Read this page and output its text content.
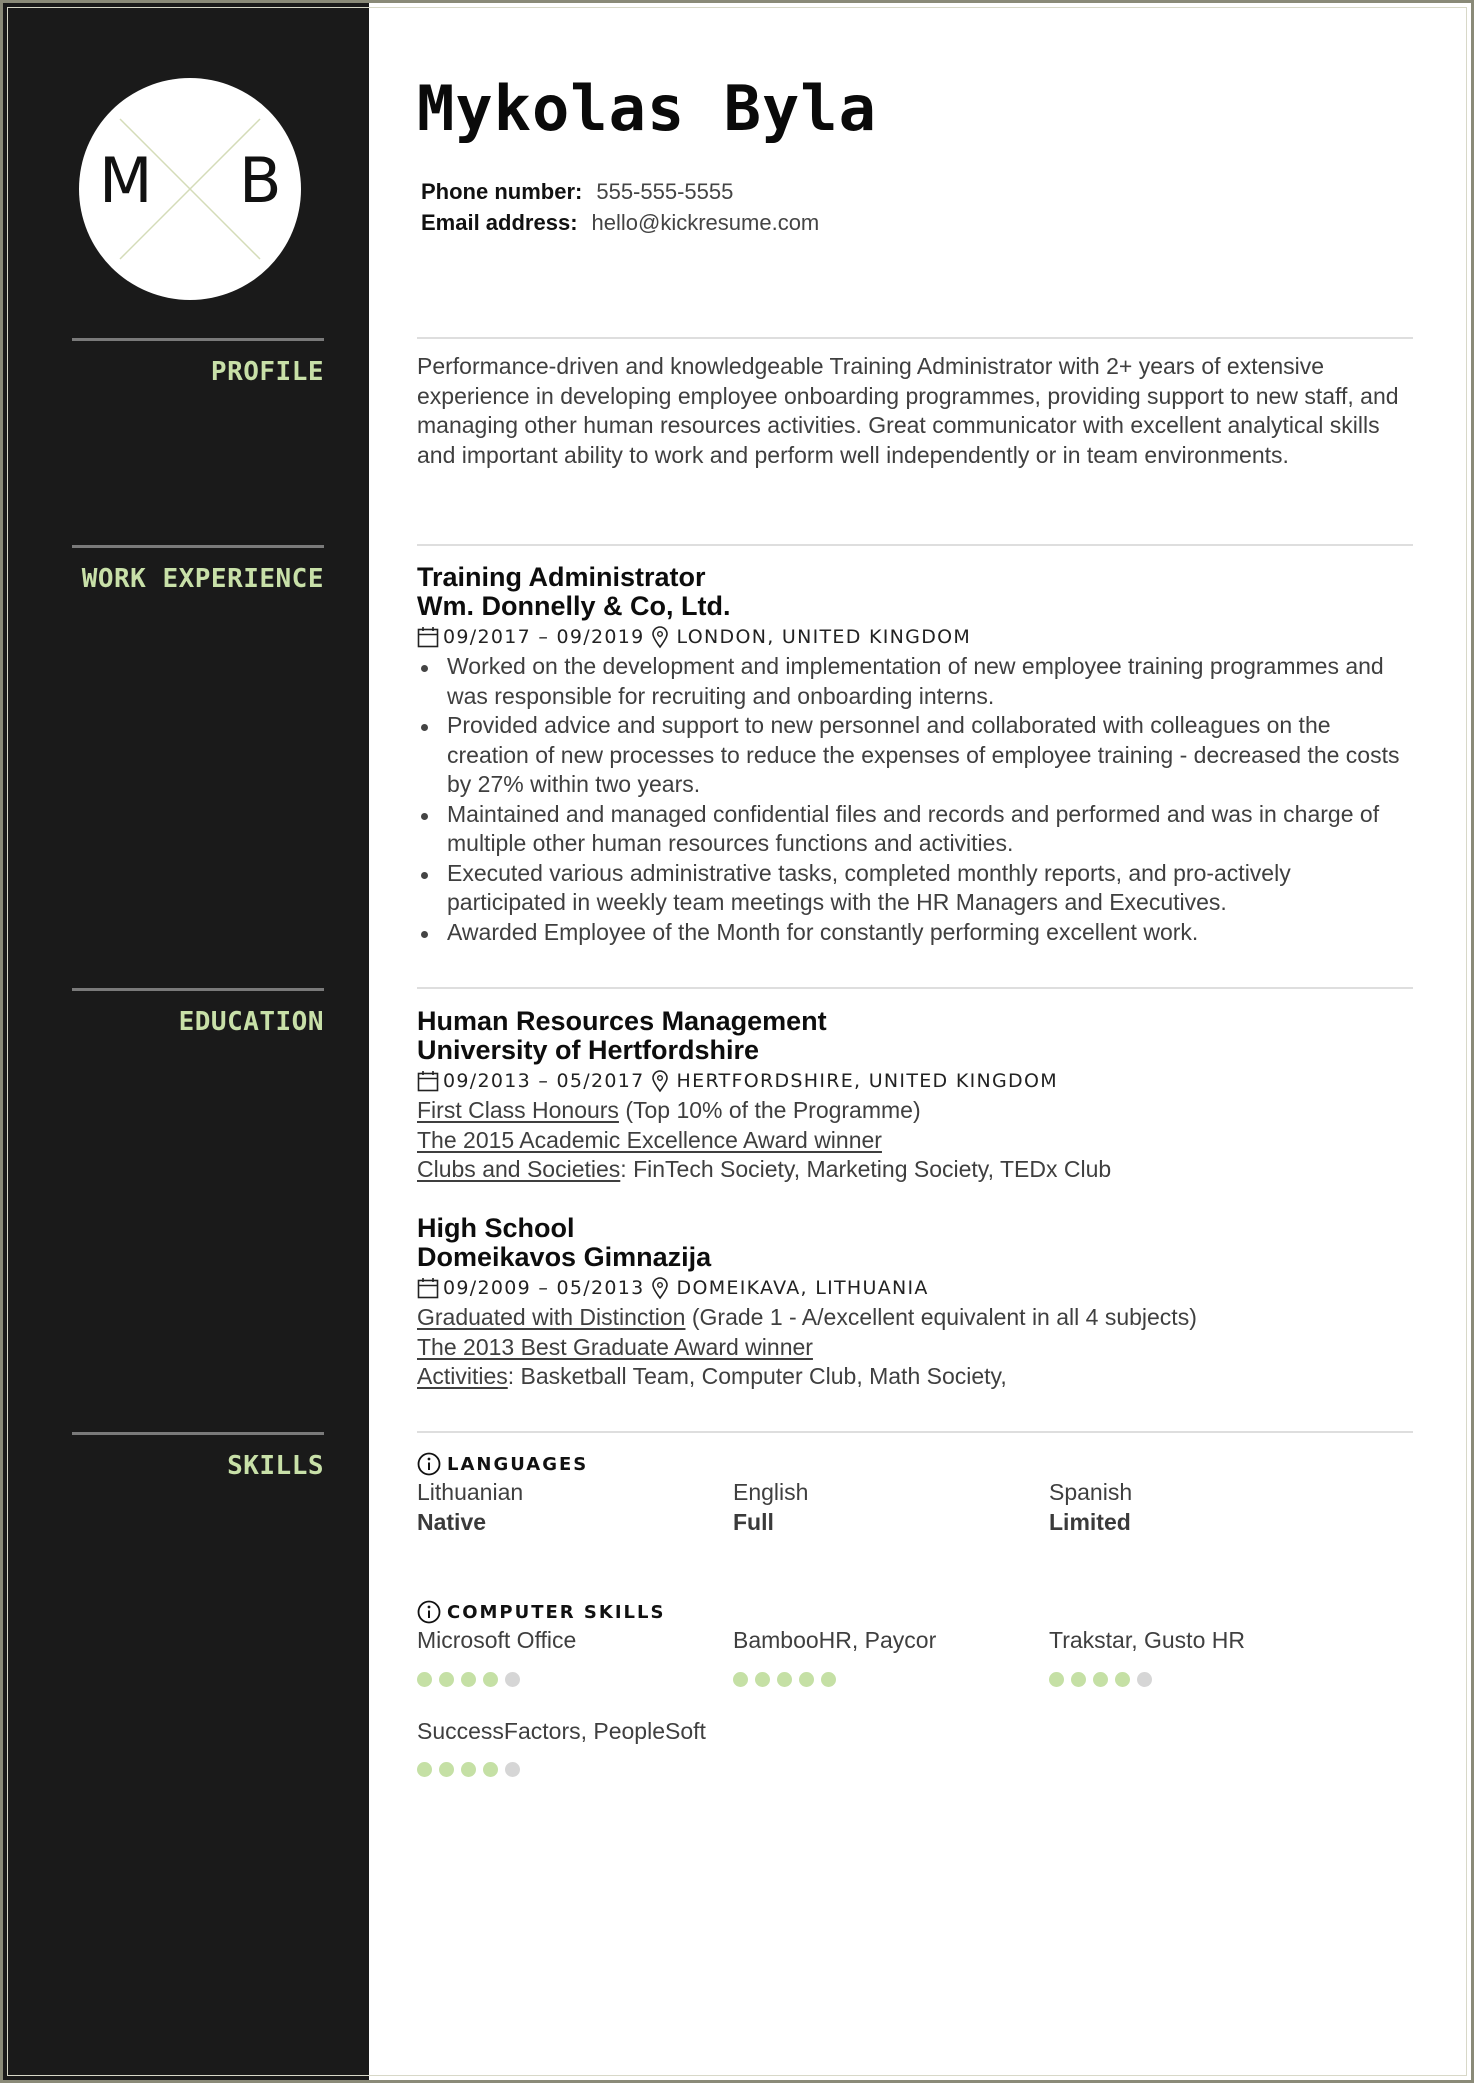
M B
PROFILE
WORK EXPERIENCE
EDUCATION
SKILLS
Mykolas Byla
Phone number: 555-555-5555
Email address: hello@kickresume.com

Performance-driven and knowledgeable Training Administrator with 2+ years of extensive experience in developing employee onboarding programmes, providing support to new staff, and managing other human resources activities. Great communicator with excellent analytical skills and important ability to work and perform well independently or in team environments.

Training Administrator
Wm. Donnelly & Co, Ltd.
09/2017 – 09/2019 LONDON, UNITED KINGDOM
Worked on the development and implementation of new employee training programmes and was responsible for recruiting and onboarding interns.
Provided advice and support to new personnel and collaborated with colleagues on the creation of new processes to reduce the expenses of employee training - decreased the costs by 27% within two years.
Maintained and managed confidential files and records and performed and was in charge of multiple other human resources functions and activities.
Executed various administrative tasks, completed monthly reports, and pro-actively participated in weekly team meetings with the HR Managers and Executives.
Awarded Employee of the Month for constantly performing excellent work.
Human Resources Management
University of Hertfordshire
09/2013 – 05/2017 HERTFORDSHIRE, UNITED KINGDOM
First Class Honours (Top 10% of the Programme)
The 2015 Academic Excellence Award winner
Clubs and Societies: FinTech Society, Marketing Society, TEDx Club
High School
Domeikavos Gimnazija
09/2009 – 05/2013 DOMEIKAVA, LITHUANIA
Graduated with Distinction (Grade 1 - A/excellent equivalent in all 4 subjects)
The 2013 Best Graduate Award winner
Activities: Basketball Team, Computer Club, Math Society,
LANGUAGES
Lithuanian
Native
English
Full
Spanish
Limited
COMPUTER SKILLS
Microsoft Office	BambooHR, Paycor	Trakstar, Gusto HR
SuccessFactors, PeopleSoft
